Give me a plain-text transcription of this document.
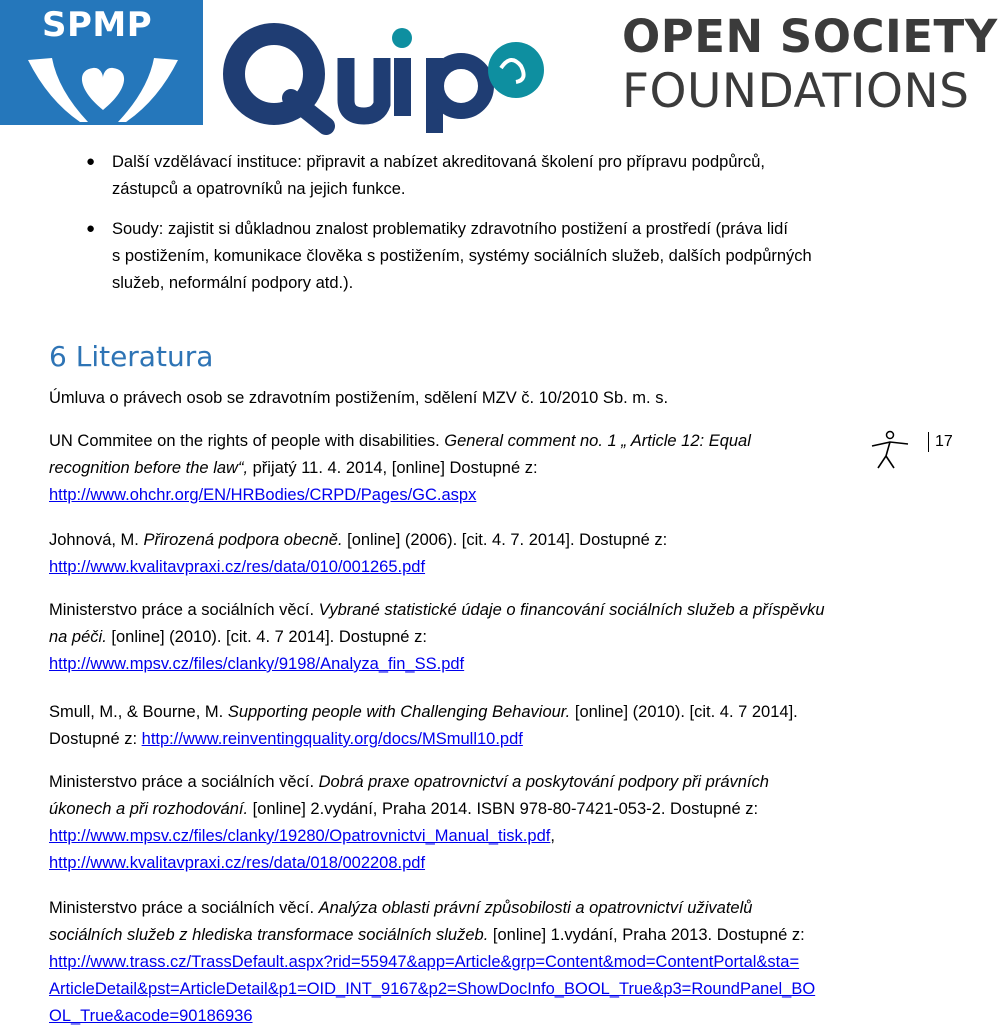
SPMP	OPEN SOCIETY
FOUNDATIONS
● Další vzdělávací instituce: připravit a nabízet akreditovaná školení pro přípravu podpůrců,
zástupců a opatrovníků na jejich funkce.
● Soudy: zajistit si důkladnou znalost problematiky zdravotního postižení a prostředí (práva lidí
s postižením, komunikace člověka s postižením, systémy sociálních služeb, dalších podpůrných
služeb, neformální podpory atd.).
6 Literatura
Úmluva o právech osob se zdravotním postižením, sdělení MZV č. 10/2010 Sb. m. s.
UN Commitee on the rights of people with disabilities. General comment no. 1 „ Article 12: Equal
recognition before the law“, přijatý 11. 4. 2014, [online] Dostupné z:
http://www.ohchr.org/EN/HRBodies/CRPD/Pages/GC.aspx
17
Johnová, M. Přirozená podpora obecně. [online] (2006). [cit. 4. 7. 2014]. Dostupné z:
http://www.kvalitavpraxi.cz/res/data/010/001265.pdf
Ministerstvo práce a sociálních věcí. Vybrané statistické údaje o financování sociálních služeb a příspěvku
na péči. [online] (2010). [cit. 4. 7 2014]. Dostupné z:
http://www.mpsv.cz/files/clanky/9198/Analyza_fin_SS.pdf
Smull, M., & Bourne, M. Supporting people with Challenging Behaviour. [online] (2010). [cit. 4. 7 2014].
Dostupné z: http://www.reinventingquality.org/docs/MSmull10.pdf
Ministerstvo práce a sociálních věcí. Dobrá praxe opatrovnictví a poskytování podpory při právních
úkonech a při rozhodování. [online] 2.vydání, Praha 2014. ISBN 978-80-7421-053-2. Dostupné z:
http://www.mpsv.cz/files/clanky/19280/Opatrovnictvi_Manual_tisk.pdf,
http://www.kvalitavpraxi.cz/res/data/018/002208.pdf
Ministerstvo práce a sociálních věcí. Analýza oblasti právní způsobilosti a opatrovnictví uživatelů
sociálních služeb z hlediska transformace sociálních služeb. [online] 1.vydání, Praha 2013. Dostupné z:
http://www.trass.cz/TrassDefault.aspx?rid=55947&app=Article&grp=Content&mod=ContentPortal&sta=
ArticleDetail&pst=ArticleDetail&p1=OID_INT_9167&p2=ShowDocInfo_BOOL_True&p3=RoundPanel_BO
OL_True&acode=90186936
